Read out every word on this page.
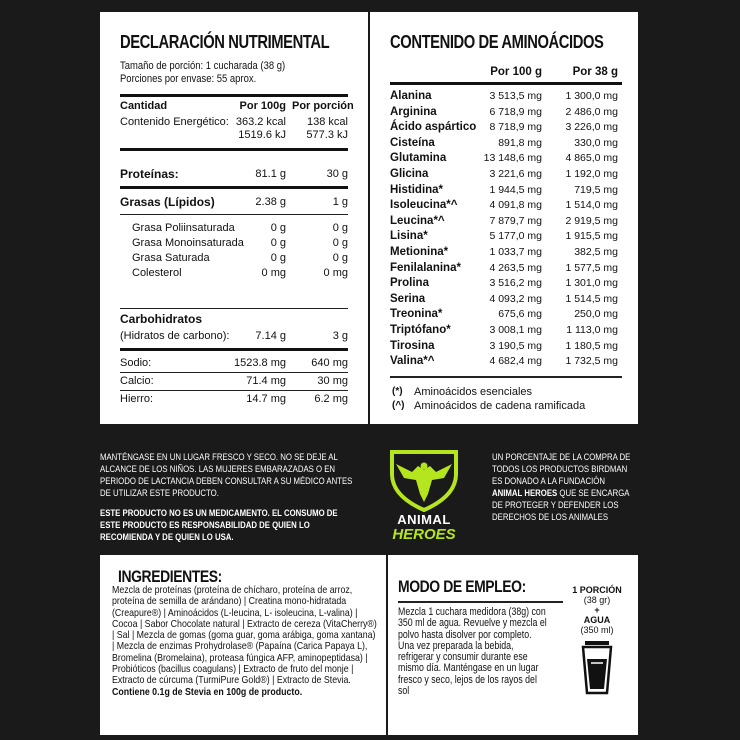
DECLARACIÓN NUTRIMENTAL
Tamaño de porción: 1 cucharada (38 g)
Porciones por envase: 55 aprox.
Cantidad	Por 100g Por porción
Contenido Energético: 363.2 kcal	138 kcal
1519.6 kJ	577.3 kJ
Proteínas:	81.1 g	30 g
Grasas (Lípidos)	2.38 g	1 g
Grasa Poliinsaturada	0 g	0 g
Grasa Monoinsaturada	0 g	0 g
Grasa Saturada	0 g	0 g
Colesterol	0 mg	0 mg
Carbohidratos
(Hidratos de carbono):	7.14 g	3 g
Sodio:	1523.8 mg	640 mg
Calcio:	71.4 mg	30 mg
Hierro:	14.7 mg	6.2 mg
CONTENIDO DE AMINOÁCIDOS
Por 100 g	Por 38 g
Alanina	3 513,5 mg	1 300,0 mg
Arginina	6 718,9 mg	2 486,0 mg
Ácido aspártico	8 718,9 mg	3 226,0 mg
Cisteína	891,8 mg	330,0 mg
Glutamina	13 148,6 mg	4 865,0 mg
Glicina	3 221,6 mg	1 192,0 mg
Histidina*	1 944,5 mg	719,5 mg
Isoleucina*^	4 091,8 mg	1 514,0 mg
Leucina*^	7 879,7 mg	2 919,5 mg
Lisina*	5 177,0 mg	1 915,5 mg
Metionina*	1 033,7 mg	382,5 mg
Fenilalanina*	4 263,5 mg	1 577,5 mg
Prolina	3 516,2 mg	1 301,0 mg
Serina	4 093,2 mg	1 514,5 mg
Treonina*	675,6 mg	250,0 mg
Triptófano*	3 008,1 mg	1 113,0 mg
Tirosina	3 190,5 mg	1 180,5 mg
Valina*^	4 682,4 mg	1 732,5 mg
(*) Aminoácidos esenciales
(^) Aminoácidos de cadena ramificada
MANTÉNGASE EN UN LUGAR FRESCO Y SECO. NO SE DEJE AL ALCANCE DE LOS NIÑOS. LAS MUJERES EMBARAZADAS O EN PERIODO DE LACTANCIA DEBEN CONSULTAR A SU MÉDICO ANTES DE UTILIZAR ESTE PRODUCTO.
ESTE PRODUCTO NO ES UN MEDICAMENTO. EL CONSUMO DE ESTE PRODUCTO ES RESPONSABILIDAD DE QUIEN LO RECOMIENDA Y DE QUIEN LO USA.
ANIMAL
HEROES
UN PORCENTAJE DE LA COMPRA DE TODOS LOS PRODUCTOS BIRDMAN ES DONADO A LA FUNDACIÓN ANIMAL HEROES QUE SE ENCARGA DE PROTEGER Y DEFENDER LOS DERECHOS DE LOS ANIMALES
INGREDIENTES:
Mezcla de proteínas (proteína de chícharo, proteína de arroz, proteína de semilla de arándano) | Creatina mono-hidratada (Creapure®) | Aminoácidos (L-leucina, L- isoleucina, L-valina) | Cocoa | Sabor Chocolate natural | Extracto de cereza (VitaCherry®) | Sal | Mezcla de gomas (goma guar, goma arábiga, goma xantana) | Mezcla de enzimas Prohydrolase® (Papaína (Carica Papaya L), Bromelina (Bromelaina), proteasa fúngica AFP, aminopeptidasa) | Probióticos (bacillus coagulans) | Extracto de fruto del monje | Extracto de cúrcuma (TurmiPure Gold®) | Extracto de Stevia. Contiene 0.1g de Stevia en 100g de producto.
MODO DE EMPLEO:
Mezcla 1 cuchara medidora (38g) con 350 ml de agua. Revuelve y mezcla el polvo hasta disolver por completo. Una vez preparada la bebida, refrigerar y consumir durante ese mismo día. Manténgase en un lugar fresco y seco, lejos de los rayos del sol
1 PORCIÓN
(38 gr)
+
AGUA
(350 ml)
